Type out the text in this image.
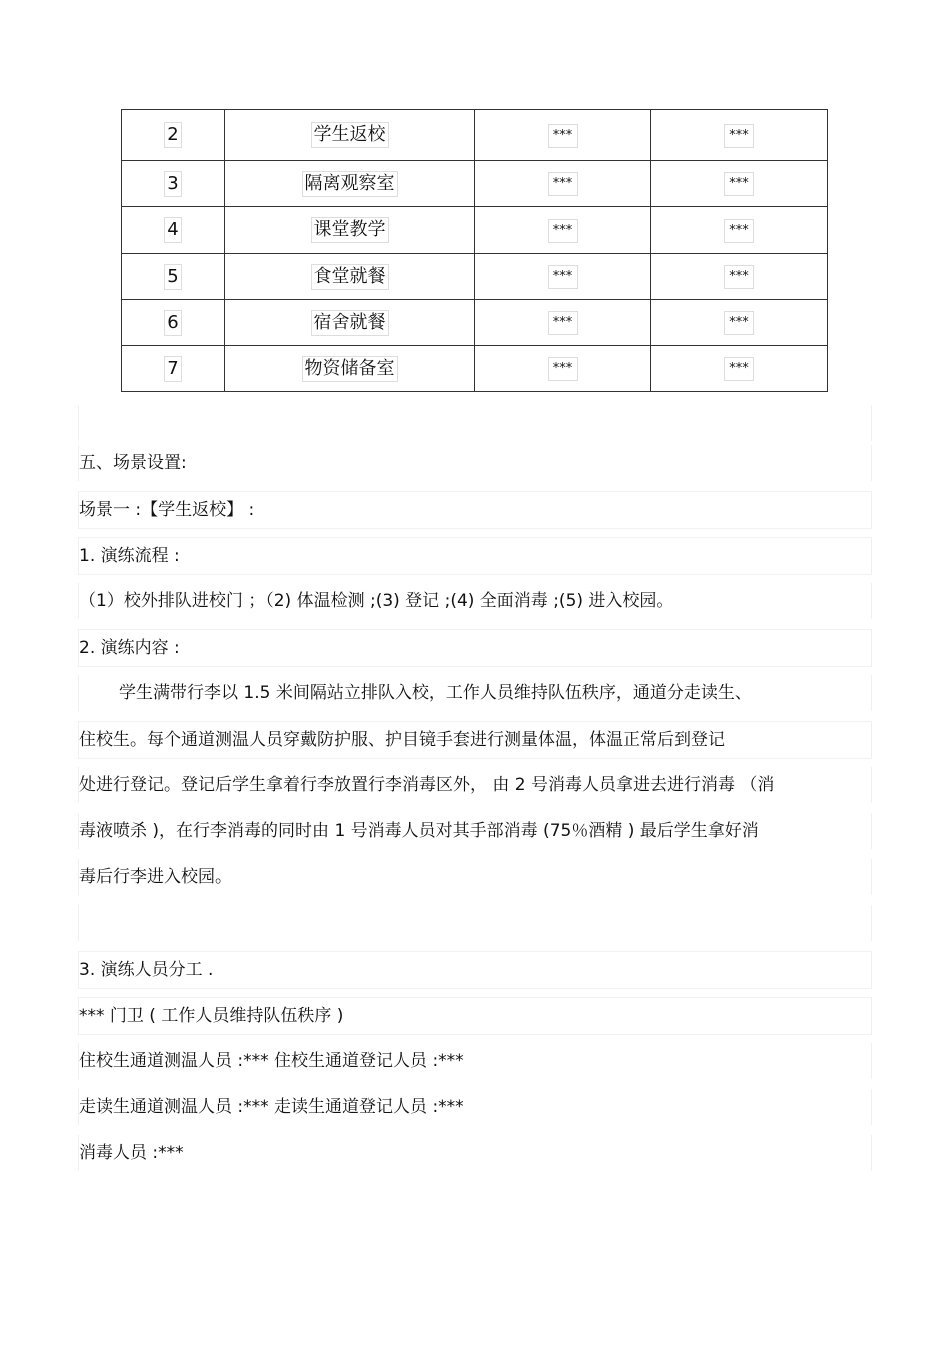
2	学生返校	***	***
3	隔离观察室	***	***
4	课堂教学	***	***
5	食堂就餐	***	***
6	宿舍就餐	***	***
7	物资储备室	***	***
五、场景设置:
场景一 :【学生返校】 :
1. 演练流程 :
（1）校外排队进校门 ；（2) 体温检测 ;(3) 登记 ;(4) 全面消毒 ;(5) 进入校园。
2. 演练内容 :
学生满带行李以 1.5 米间隔站立排队入校，工作人员维持队伍秩序，通道分走读生、
住校生。每个通道测温人员穿戴防护服、护目镜手套进行测量体温，体温正常后到登记
处进行登记。登记后学生拿着行李放置行李消毒区外， 由 2 号消毒人员拿进去进行消毒 （消
毒液喷杀 )，在行李消毒的同时由 1 号消毒人员对其手部消毒 (75％酒精 ) 最后学生拿好消
毒后行李进入校园。
3. 演练人员分工 .
*** 门卫 ( 工作人员维持队伍秩序 )
住校生通道测温人员 :*** 住校生通道登记人员 :***
走读生通道测温人员 :*** 走读生通道登记人员 :***
消毒人员 :***
